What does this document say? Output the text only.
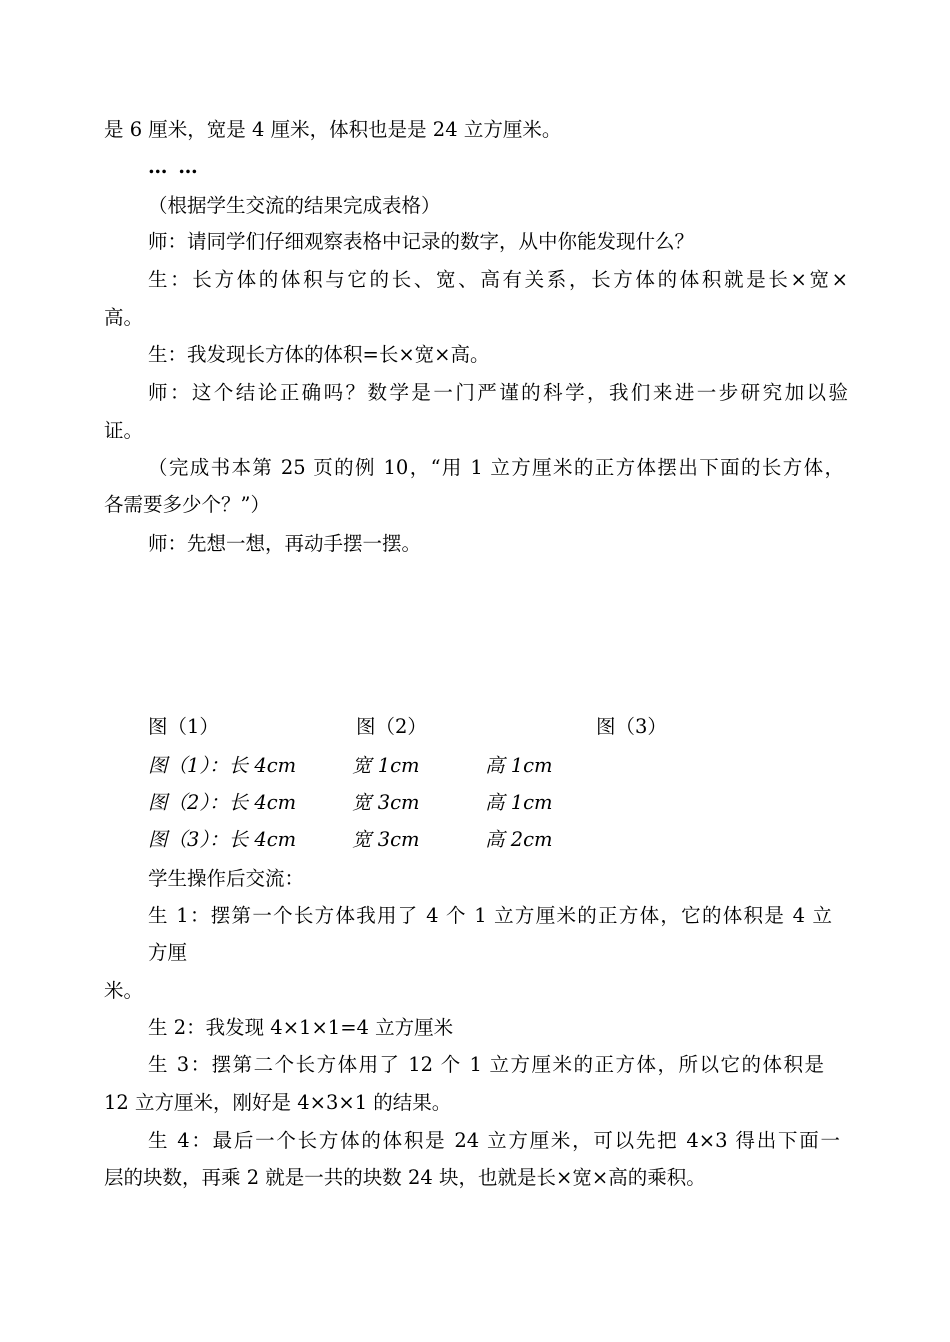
是 6 厘米，宽是 4 厘米，体积也是是 24 立方厘米。
… …
（根据学生交流的结果完成表格）
师：请同学们仔细观察表格中记录的数字，从中你能发现什么？
生：长方体的体积与它的长、宽、高有关系，长方体的体积就是长×宽×
高。
生：我发现长方体的体积=长×宽×高。
师：这个结论正确吗？数学是一门严谨的科学，我们来进一步研究加以验
证。
（完成书本第 25 页的例 10，“用 1 立方厘米的正方体摆出下面的长方体，
各需要多少个？”）
师：先想一想，再动手摆一摆。
图（1）	图（2）	图（3）
图（1）：长 4cm	宽 1cm	高 1cm
图（2）：长 4cm	宽 3cm	高 1cm
图（3）：长 4cm	宽 3cm	高 2cm
学生操作后交流：
生 1：摆第一个长方体我用了 4 个 1 立方厘米的正方体，它的体积是 4 立
方厘
米。
生 2：我发现 4×1×1=4 立方厘米
生 3：摆第二个长方体用了 12 个 1 立方厘米的正方体，所以它的体积是
12 立方厘米，刚好是 4×3×1 的结果。
生 4：最后一个长方体的体积是 24 立方厘米，可以先把 4×3 得出下面一
层的块数，再乘 2 就是一共的块数 24 块，也就是长×宽×高的乘积。
